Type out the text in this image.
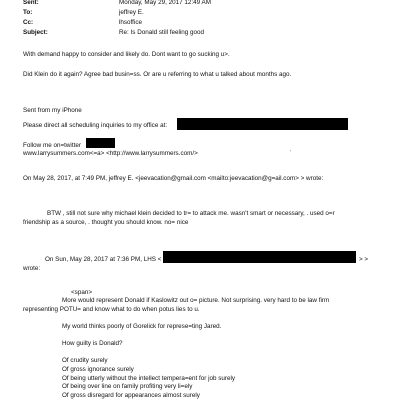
Sent:	Monday, May 29, 2017 12:49 AM
To:	jeffrey E.
Cc:	lhsoffice
Subject:	Re: Is Donald still feeling good
With demand happy to consider and likely do. Dont want to go sucking u>.
Did Klein do it again? Agree bad busin=ss. Or are u referring to what u talked about months ago.
Sent from my iPhone
Please direct all scheduling inquiries to my office at:
Follow me on=twitter
www.larrysummers.com<=a> <http://www.larrysummers.com/>	'
On May 28, 2017, at 7:49 PM, jeffrey E. <jeevacation@gmail.com <mailto:jeevacation@g=ail.com> > wrote:
BTW , still not sure why michael klein decided to tr= to attack me. wasn't smart or necessary, . used o=r
friendship as a source, . thought you should know. no= nice
On Sun, May 28, 2017 at 7:36 PM, LHS <	> >
wrote:
<span>
More would represent Donald if Kaslowitz out o= picture. Not surprising. very hard to be law firm
representing POTU= and know what to do when potus lies to u.
My world thinks poorly of Gorelick for represe=ting Jared.
How guilty is Donald?
Of crudity surely
Of gross ignorance surely
Of being utterly without the intellect tempera=ent for job surely
Of being over line on family profiting very li=ely
Of gross disregard for appearances almost surely
